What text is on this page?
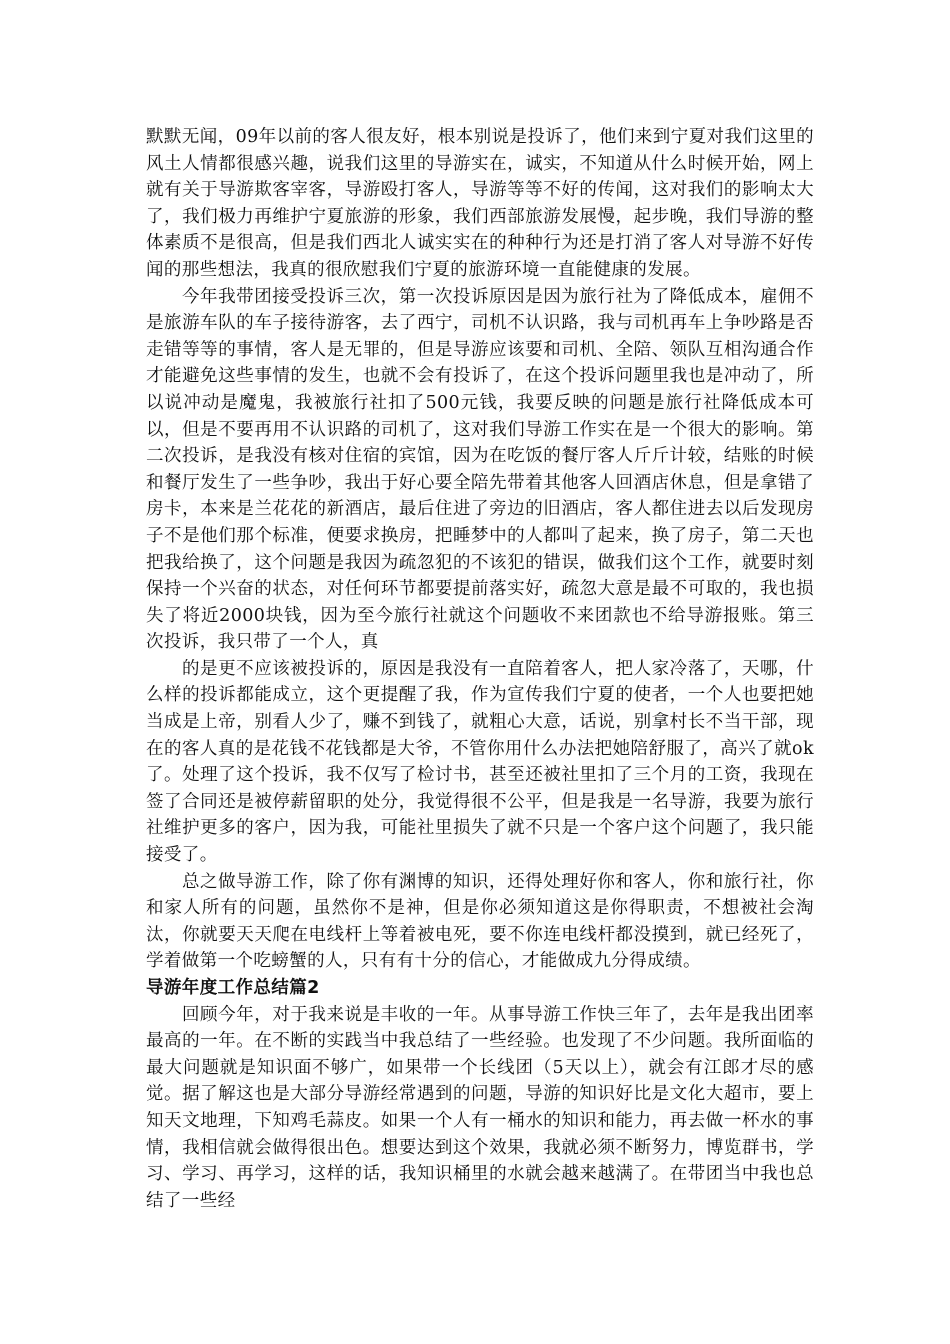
默默无闻，09年以前的客人很友好，根本别说是投诉了，他们来到宁夏对我们这里的风土人情都很感兴趣，说我们这里的导游实在，诚实，不知道从什么时候开始，网上就有关于导游欺客宰客，导游殴打客人，导游等等不好的传闻，这对我们的影响太大了，我们极力再维护宁夏旅游的形象，我们西部旅游发展慢，起步晚，我们导游的整体素质不是很高，但是我们西北人诚实实在的种种行为还是打消了客人对导游不好传闻的那些想法，我真的很欣慰我们宁夏的旅游环境一直能健康的发展。

今年我带团接受投诉三次，第一次投诉原因是因为旅行社为了降低成本，雇佣不是旅游车队的车子接待游客，去了西宁，司机不认识路，我与司机再车上争吵路是否走错等等的事情，客人是无罪的，但是导游应该要和司机、全陪、领队互相沟通合作才能避免这些事情的发生，也就不会有投诉了，在这个投诉问题里我也是冲动了，所以说冲动是魔鬼，我被旅行社扣了500元钱，我要反映的问题是旅行社降低成本可以，但是不要再用不认识路的司机了，这对我们导游工作实在是一个很大的影响。第二次投诉，是我没有核对住宿的宾馆，因为在吃饭的餐厅客人斤斤计较，结账的时候和餐厅发生了一些争吵，我出于好心要全陪先带着其他客人回酒店休息，但是拿错了房卡，本来是兰花花的新酒店，最后住进了旁边的旧酒店，客人都住进去以后发现房子不是他们那个标准，便要求换房，把睡梦中的人都叫了起来，换了房子，第二天也把我给换了，这个问题是我因为疏忽犯的不该犯的错误，做我们这个工作，就要时刻保持一个兴奋的状态，对任何环节都要提前落实好，疏忽大意是最不可取的，我也损失了将近2000块钱，因为至今旅行社就这个问题收不来团款也不给导游报账。第三次投诉，我只带了一个人，真

的是更不应该被投诉的，原因是我没有一直陪着客人，把人家冷落了，天哪，什么样的投诉都能成立，这个更提醒了我，作为宣传我们宁夏的使者，一个人也要把她当成是上帝，别看人少了，赚不到钱了，就粗心大意，话说，别拿村长不当干部，现在的客人真的是花钱不花钱都是大爷，不管你用什么办法把她陪舒服了，高兴了就ok了。处理了这个投诉，我不仅写了检讨书，甚至还被社里扣了三个月的工资，我现在签了合同还是被停薪留职的处分，我觉得很不公平，但是我是一名导游，我要为旅行社维护更多的客户，因为我，可能社里损失了就不只是一个客户这个问题了，我只能接受了。

总之做导游工作，除了你有渊博的知识，还得处理好你和客人，你和旅行社，你和家人所有的问题，虽然你不是神，但是你必须知道这是你得职责，不想被社会淘汰，你就要天天爬在电线杆上等着被电死，要不你连电线杆都没摸到，就已经死了，学着做第一个吃螃蟹的人，只有有十分的信心，才能做成九分得成绩。

导游年度工作总结篇2

回顾今年，对于我来说是丰收的一年。从事导游工作快三年了，去年是我出团率最高的一年。在不断的实践当中我总结了一些经验。也发现了不少问题。我所面临的最大问题就是知识面不够广，如果带一个长线团（5天以上），就会有江郎才尽的感觉。据了解这也是大部分导游经常遇到的问题，导游的知识好比是文化大超市，要上知天文地理，下知鸡毛蒜皮。如果一个人有一桶水的知识和能力，再去做一杯水的事情，我相信就会做得很出色。想要达到这个效果，我就必须不断努力，博览群书，学习、学习、再学习，这样的话，我知识桶里的水就会越来越满了。在带团当中我也总结了一些经
